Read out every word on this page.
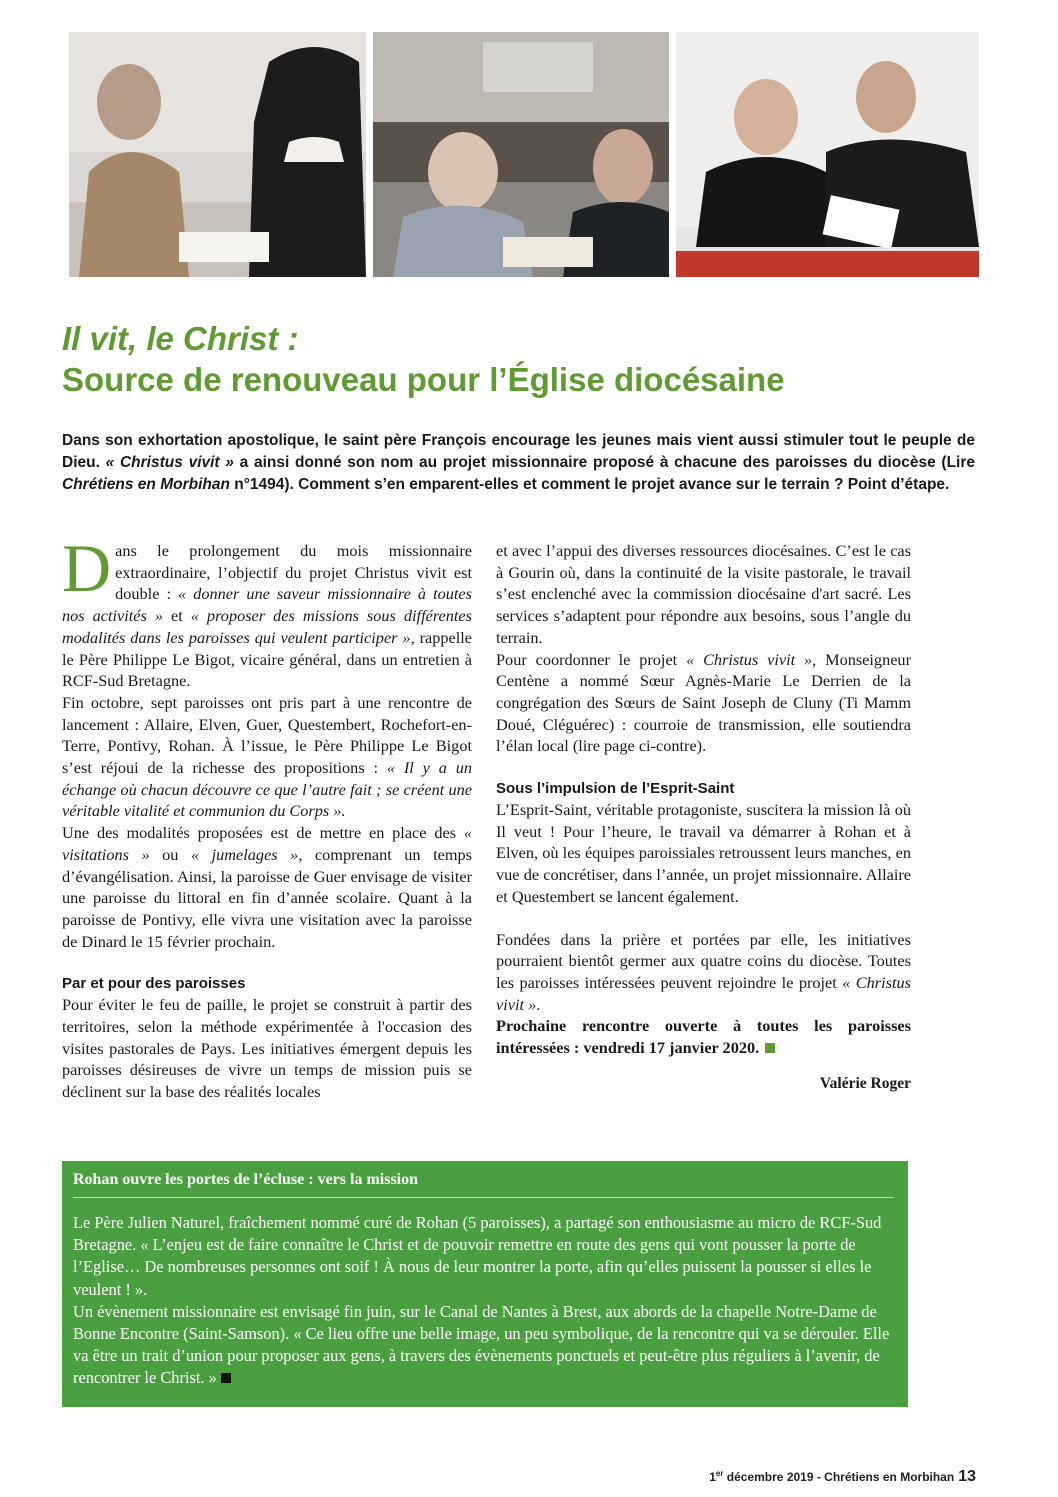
Il vit, le Christ :
Source de renouveau pour l’Église diocésaine

Dans son exhortation apostolique, le saint père François encourage les jeunes mais vient aussi stimuler tout le peuple de Dieu. « Christus vivit » a ainsi donné son nom au projet missionnaire proposé à chacune des paroisses du diocèse (Lire Chrétiens en Morbihan n°1494). Comment s’en emparent-elles et comment le projet avance sur le terrain ? Point d’étape.

Dans le prolongement du mois missionnaire extraordinaire, l’objectif du projet Christus vivit est double : « donner une saveur missionnaire à toutes nos activités » et « proposer des missions sous différentes modalités dans les paroisses qui veulent participer », rappelle le Père Philippe Le Bigot, vicaire général, dans un entretien à RCF-Sud Bretagne.

Fin octobre, sept paroisses ont pris part à une rencontre de lancement : Allaire, Elven, Guer, Questembert, Rochefort-en-Terre, Pontivy, Rohan. À l’issue, le Père Philippe Le Bigot s’est réjoui de la richesse des propositions : « Il y a un échange où chacun découvre ce que l’autre fait ; se créent une véritable vitalité et communion du Corps ».

Une des modalités proposées est de mettre en place des « visitations » ou « jumelages », comprenant un temps d’évangélisation. Ainsi, la paroisse de Guer envisage de visiter une paroisse du littoral en fin d’année scolaire. Quant à la paroisse de Pontivy, elle vivra une visitation avec la paroisse de Dinard le 15 février prochain.

Par et pour des paroisses

Pour éviter le feu de paille, le projet se construit à partir des territoires, selon la méthode expérimentée à l'occasion des visites pastorales de Pays. Les initiatives émergent depuis les paroisses désireuses de vivre un temps de mission puis se déclinent sur la base des réalités locales

et avec l’appui des diverses ressources diocésaines. C’est le cas à Gourin où, dans la continuité de la visite pastorale, le travail s’est enclenché avec la commission diocésaine d'art sacré. Les services s’adaptent pour répondre aux besoins, sous l’angle du terrain.

Pour coordonner le projet « Christus vivit », Monseigneur Centène a nommé Sœur Agnès-Marie Le Derrien de la congrégation des Sœurs de Saint Joseph de Cluny (Ti Mamm Doué, Cléguérec) : courroie de transmission, elle soutiendra l’élan local (lire page ci-contre).

Sous l’impulsion de l’Esprit-Saint

L’Esprit-Saint, véritable protagoniste, suscitera la mission là où Il veut ! Pour l’heure, le travail va démarrer à Rohan et à Elven, où les équipes paroissiales retroussent leurs manches, en vue de concrétiser, dans l’année, un projet missionnaire. Allaire et Questembert se lancent également.

Fondées dans la prière et portées par elle, les initiatives pourraient bientôt germer aux quatre coins du diocèse. Toutes les paroisses intéressées peuvent rejoindre le projet « Christus vivit ».

Prochaine rencontre ouverte à toutes les paroisses intéressées : vendredi 17 janvier 2020.

Valérie Roger

Rohan ouvre les portes de l’écluse : vers la mission

Le Père Julien Naturel, fraîchement nommé curé de Rohan (5 paroisses), a partagé son enthousiasme au micro de RCF-Sud Bretagne. « L’enjeu est de faire connaître le Christ et de pouvoir remettre en route des gens qui vont pousser la porte de l’Eglise… De nombreuses personnes ont soif ! À nous de leur montrer la porte, afin qu’elles puissent la pousser si elles le veulent ! ».

Un évènement missionnaire est envisagé fin juin, sur le Canal de Nantes à Brest, aux abords de la chapelle Notre-Dame de Bonne Encontre (Saint-Samson). « Ce lieu offre une belle image, un peu symbolique, de la rencontre qui va se dérouler. Elle va être un trait d’union pour proposer aux gens, à travers des évènements ponctuels et peut-être plus réguliers à l’avenir, de rencontrer le Christ. »

1er décembre 2019 - Chrétiens en Morbihan 13
